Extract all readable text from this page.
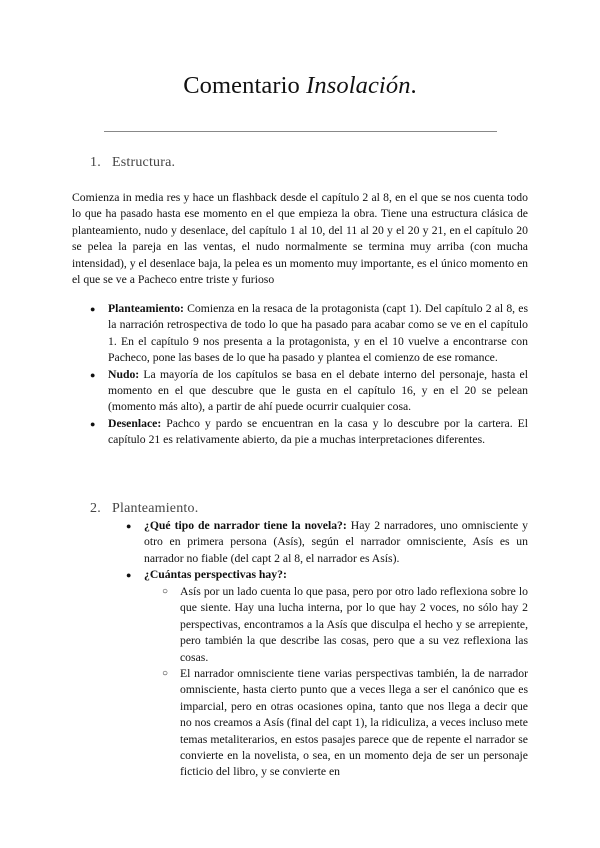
Comentario Insolación.
1. Estructura.
Comienza in media res y hace un flashback desde el capítulo 2 al 8, en el que se nos cuenta todo lo que ha pasado hasta ese momento en el que empieza la obra. Tiene una estructura clásica de planteamiento, nudo y desenlace, del capítulo 1 al 10, del 11 al 20 y el 20 y 21, en el capítulo 20 se pelea la pareja en las ventas, el nudo normalmente se termina muy arriba (con mucha intensidad), y el desenlace baja, la pelea es un momento muy importante, es el único momento en el que se ve a Pacheco entre triste y furioso
● Planteamiento: Comienza en la resaca de la protagonista (capt 1). Del capítulo 2 al 8, es la narración retrospectiva de todo lo que ha pasado para acabar como se ve en el capítulo 1. En el capítulo 9 nos presenta a la protagonista, y en el 10 vuelve a encontrarse con Pacheco, pone las bases de lo que ha pasado y plantea el comienzo de ese romance.
● Nudo: La mayoría de los capítulos se basa en el debate interno del personaje, hasta el momento en el que descubre que le gusta en el capítulo 16, y en el 20 se pelean (momento más alto), a partir de ahí puede ocurrir cualquier cosa.
● Desenlace: Pachco y pardo se encuentran en la casa y lo descubre por la cartera. El capítulo 21 es relativamente abierto, da pie a muchas interpretaciones diferentes.
2. Planteamiento.
● ¿Qué tipo de narrador tiene la novela?: Hay 2 narradores, uno omnisciente y otro en primera persona (Asís), según el narrador omnisciente, Asís es un narrador no fiable (del capt 2 al 8, el narrador es Asís).
● ¿Cuántas perspectivas hay?:
○ Asís por un lado cuenta lo que pasa, pero por otro lado reflexiona sobre lo que siente. Hay una lucha interna, por lo que hay 2 voces, no sólo hay 2 perspectivas, encontramos a la Asís que disculpa el hecho y se arrepiente, pero también la que describe las cosas, pero que a su vez reflexiona las cosas.
○ El narrador omnisciente tiene varias perspectivas también, la de narrador omnisciente, hasta cierto punto que a veces llega a ser el canónico que es imparcial, pero en otras ocasiones opina, tanto que nos llega a decir que no nos creamos a Asís (final del capt 1), la ridiculiza, a veces incluso mete temas metaliterarios, en estos pasajes parece que de repente el narrador se convierte en la novelista, o sea, en un momento deja de ser un personaje ficticio del libro, y se convierte en
